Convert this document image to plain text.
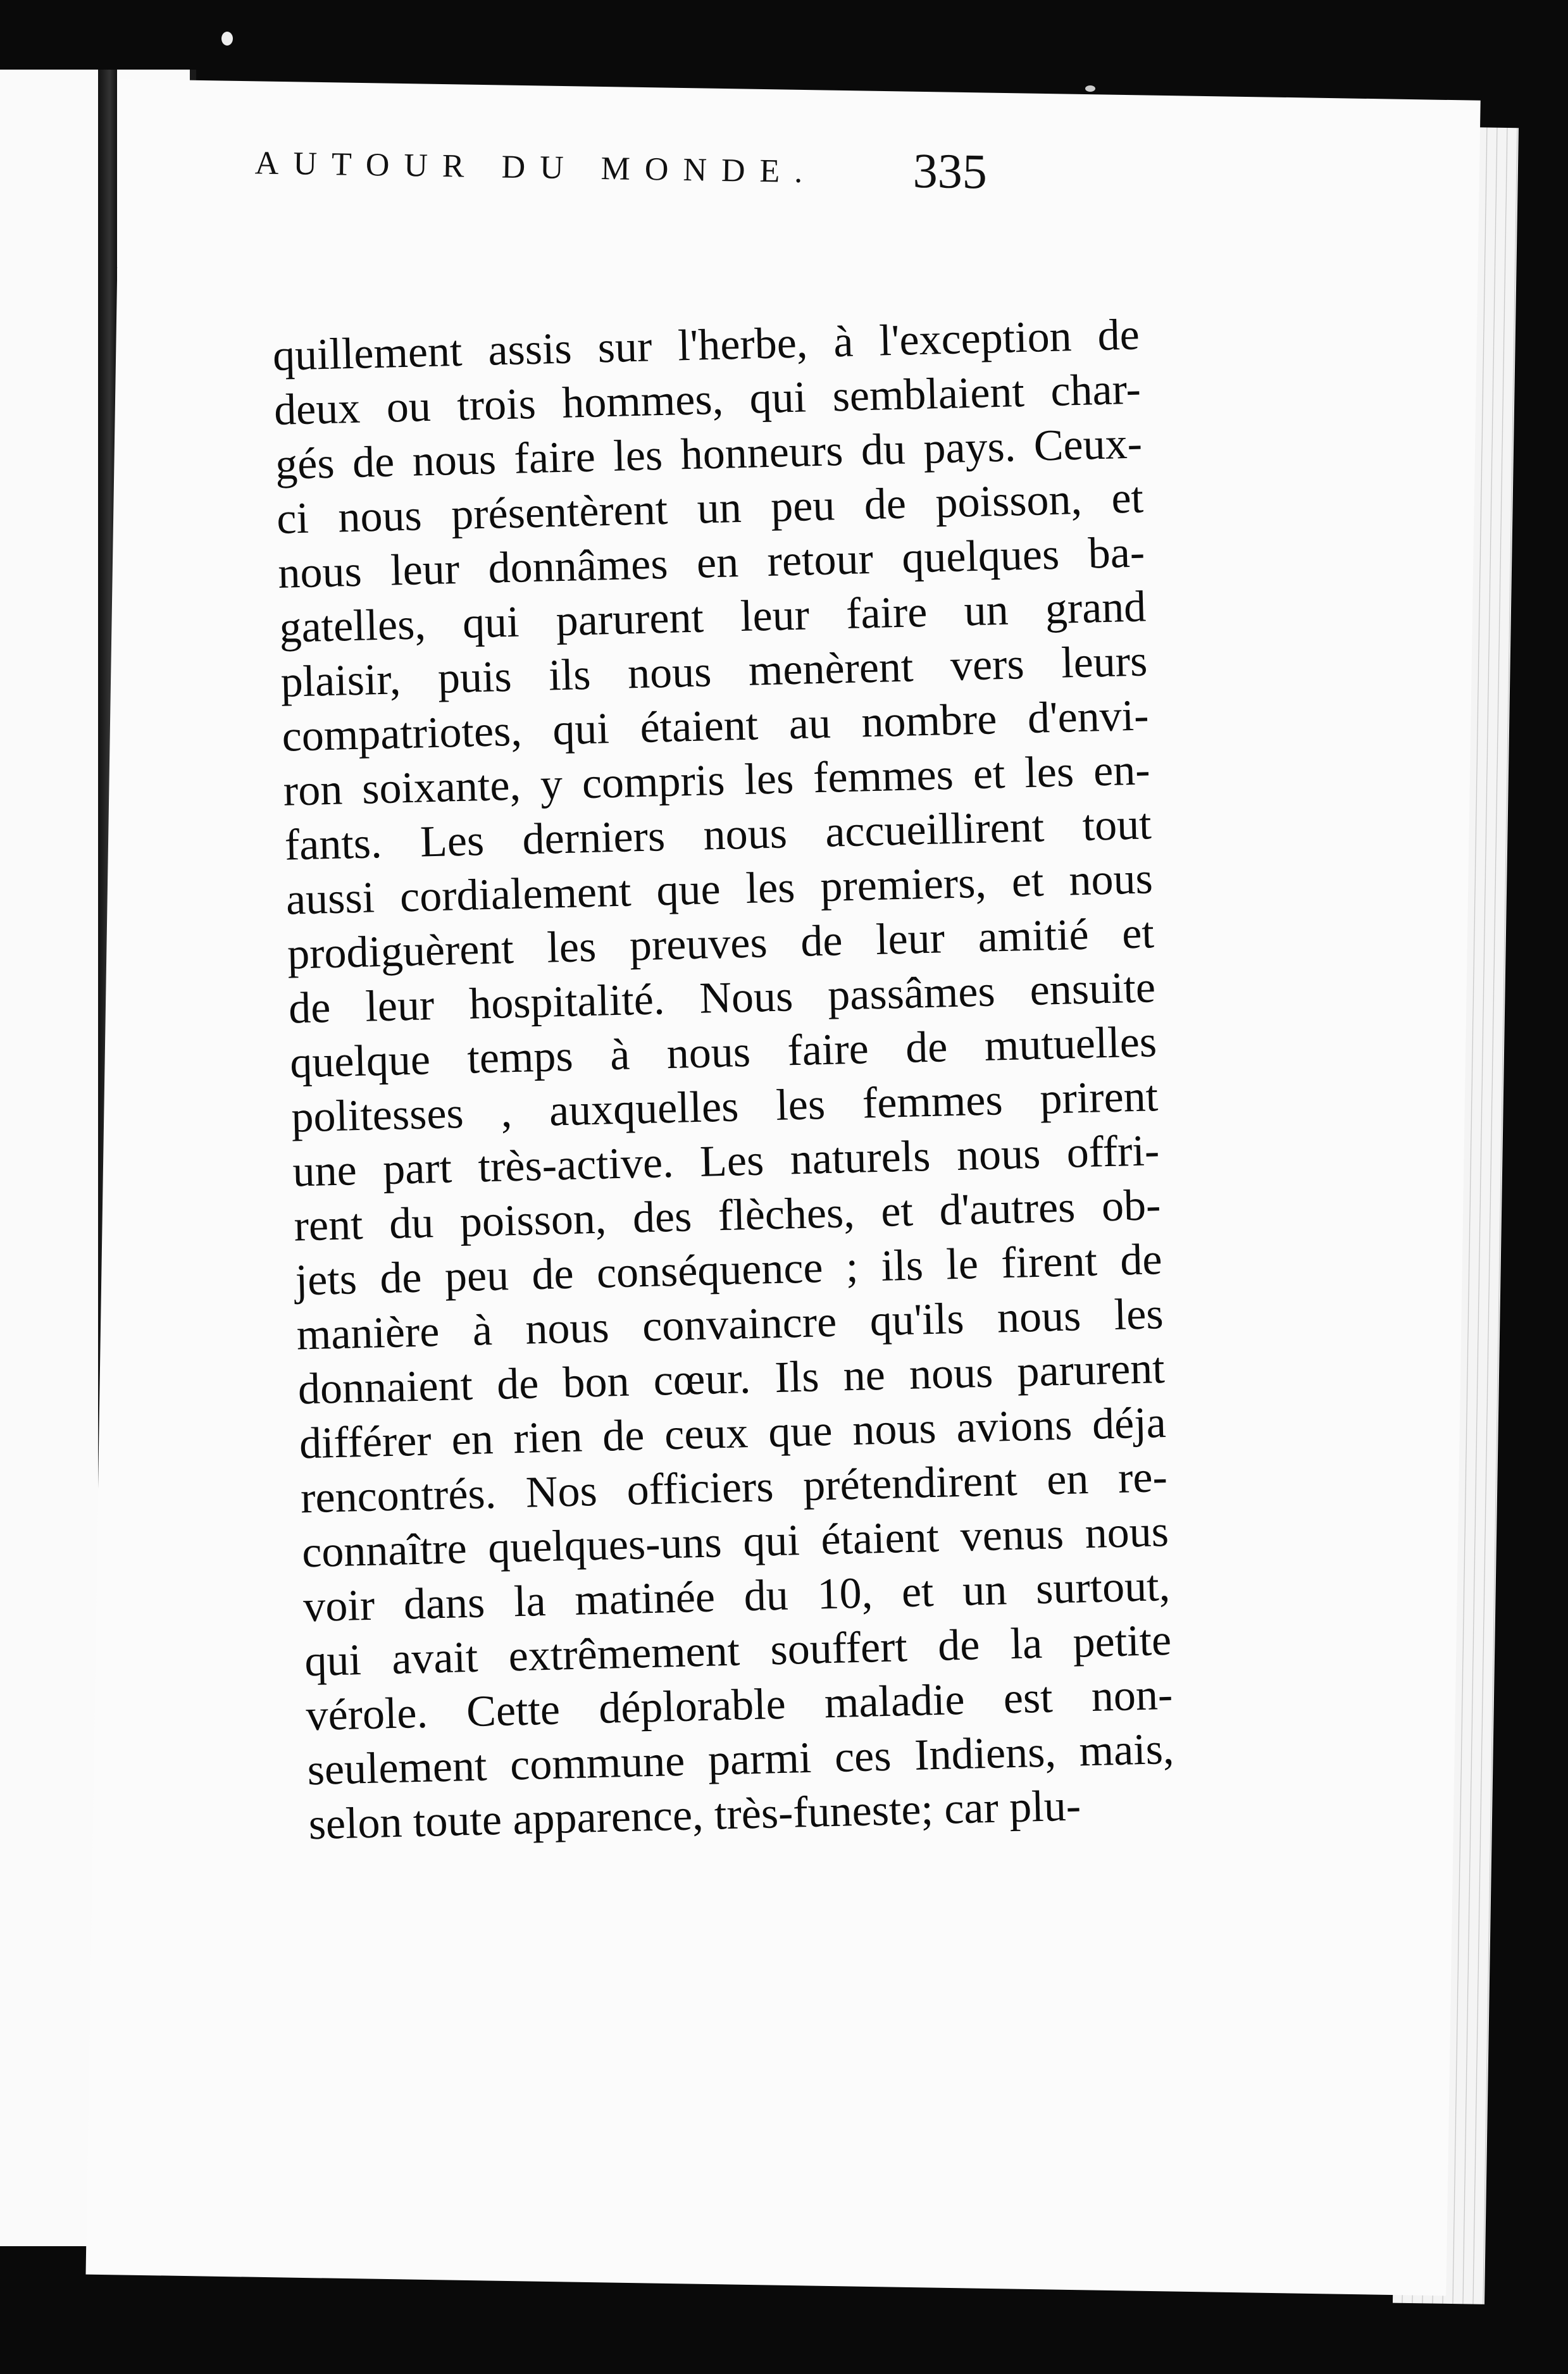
AUTOUR DU MONDE. 335
quillement assis sur l'herbe, à l'exception de
deux ou trois hommes, qui semblaient char-
gés de nous faire les honneurs du pays. Ceux-
ci nous présentèrent un peu de poisson, et
nous leur donnâmes en retour quelques ba-
gatelles, qui parurent leur faire un grand
plaisir, puis ils nous menèrent vers leurs
compatriotes, qui étaient au nombre d'envi-
ron soixante, y compris les femmes et les en-
fants. Les derniers nous accueillirent tout
aussi cordialement que les premiers, et nous
prodiguèrent les preuves de leur amitié et
de leur hospitalité. Nous passâmes ensuite
quelque temps à nous faire de mutuelles
politesses , auxquelles les femmes prirent
une part très-active. Les naturels nous offri-
rent du poisson, des flèches, et d'autres ob-
jets de peu de conséquence ; ils le firent de
manière à nous convaincre qu'ils nous les
donnaient de bon cœur. Ils ne nous parurent
différer en rien de ceux que nous avions déja
rencontrés. Nos officiers prétendirent en re-
connaître quelques-uns qui étaient venus nous
voir dans la matinée du 10, et un surtout,
qui avait extrêmement souffert de la petite
vérole. Cette déplorable maladie est non-
seulement commune parmi ces Indiens, mais,
selon toute apparence, très-funeste; car plu-
